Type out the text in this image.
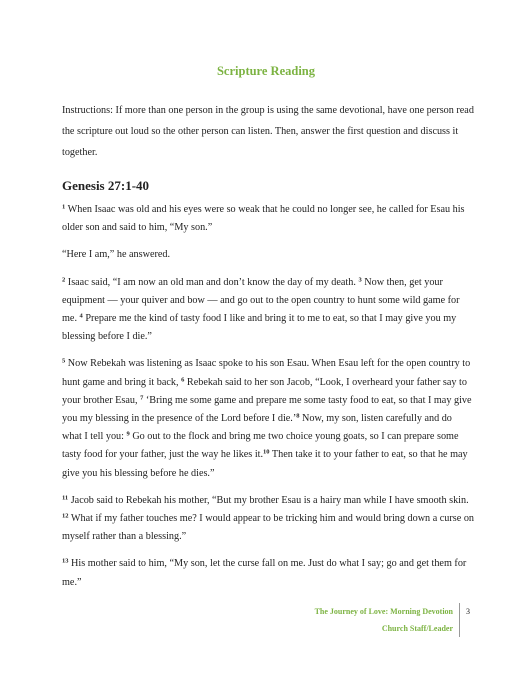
Scripture Reading
Instructions: If more than one person in the group is using the same devotional, have one person read the scripture out loud so the other person can listen. Then, answer the first question and discuss it together.
Genesis 27:1-40

$^1$ When Isaac was old and his eyes were so weak that he could no longer see, he called for Esau his older son and said to him, “My son.”

“Here I am,” he answered.

$^2$ Isaac said, “I am now an old man and don’t know the day of my death. $^3$ Now then, get your equipment — your quiver and bow — and go out to the open country to hunt some wild game for me. $^4$ Prepare me the kind of tasty food I like and bring it to me to eat, so that I may give you my blessing before I die.”

$^5$ Now Rebekah was listening as Isaac spoke to his son Esau. When Esau left for the open country to hunt game and bring it back, $^6$ Rebekah said to her son Jacob, “Look, I overheard your father say to your brother Esau, $^7$ ‘Bring me some game and prepare me some tasty food to eat, so that I may give you my blessing in the presence of the Lord before I die.’$^8$ Now, my son, listen carefully and do what I tell you: $^9$ Go out to the flock and bring me two choice young goats, so I can prepare some tasty food for your father, just the way he likes it.$^{10}$ Then take it to your father to eat, so that he may give you his blessing before he dies.”

$^{11}$ Jacob said to Rebekah his mother, “But my brother Esau is a hairy man while I have smooth skin. $^{12}$ What if my father touches me? I would appear to be tricking him and would bring down a curse on myself rather than a blessing.”

$^{13}$ His mother said to him, “My son, let the curse fall on me. Just do what I say; go and get them for me.”

The Journey of Love: Morning Devotion
Church Staff/Leader
3
